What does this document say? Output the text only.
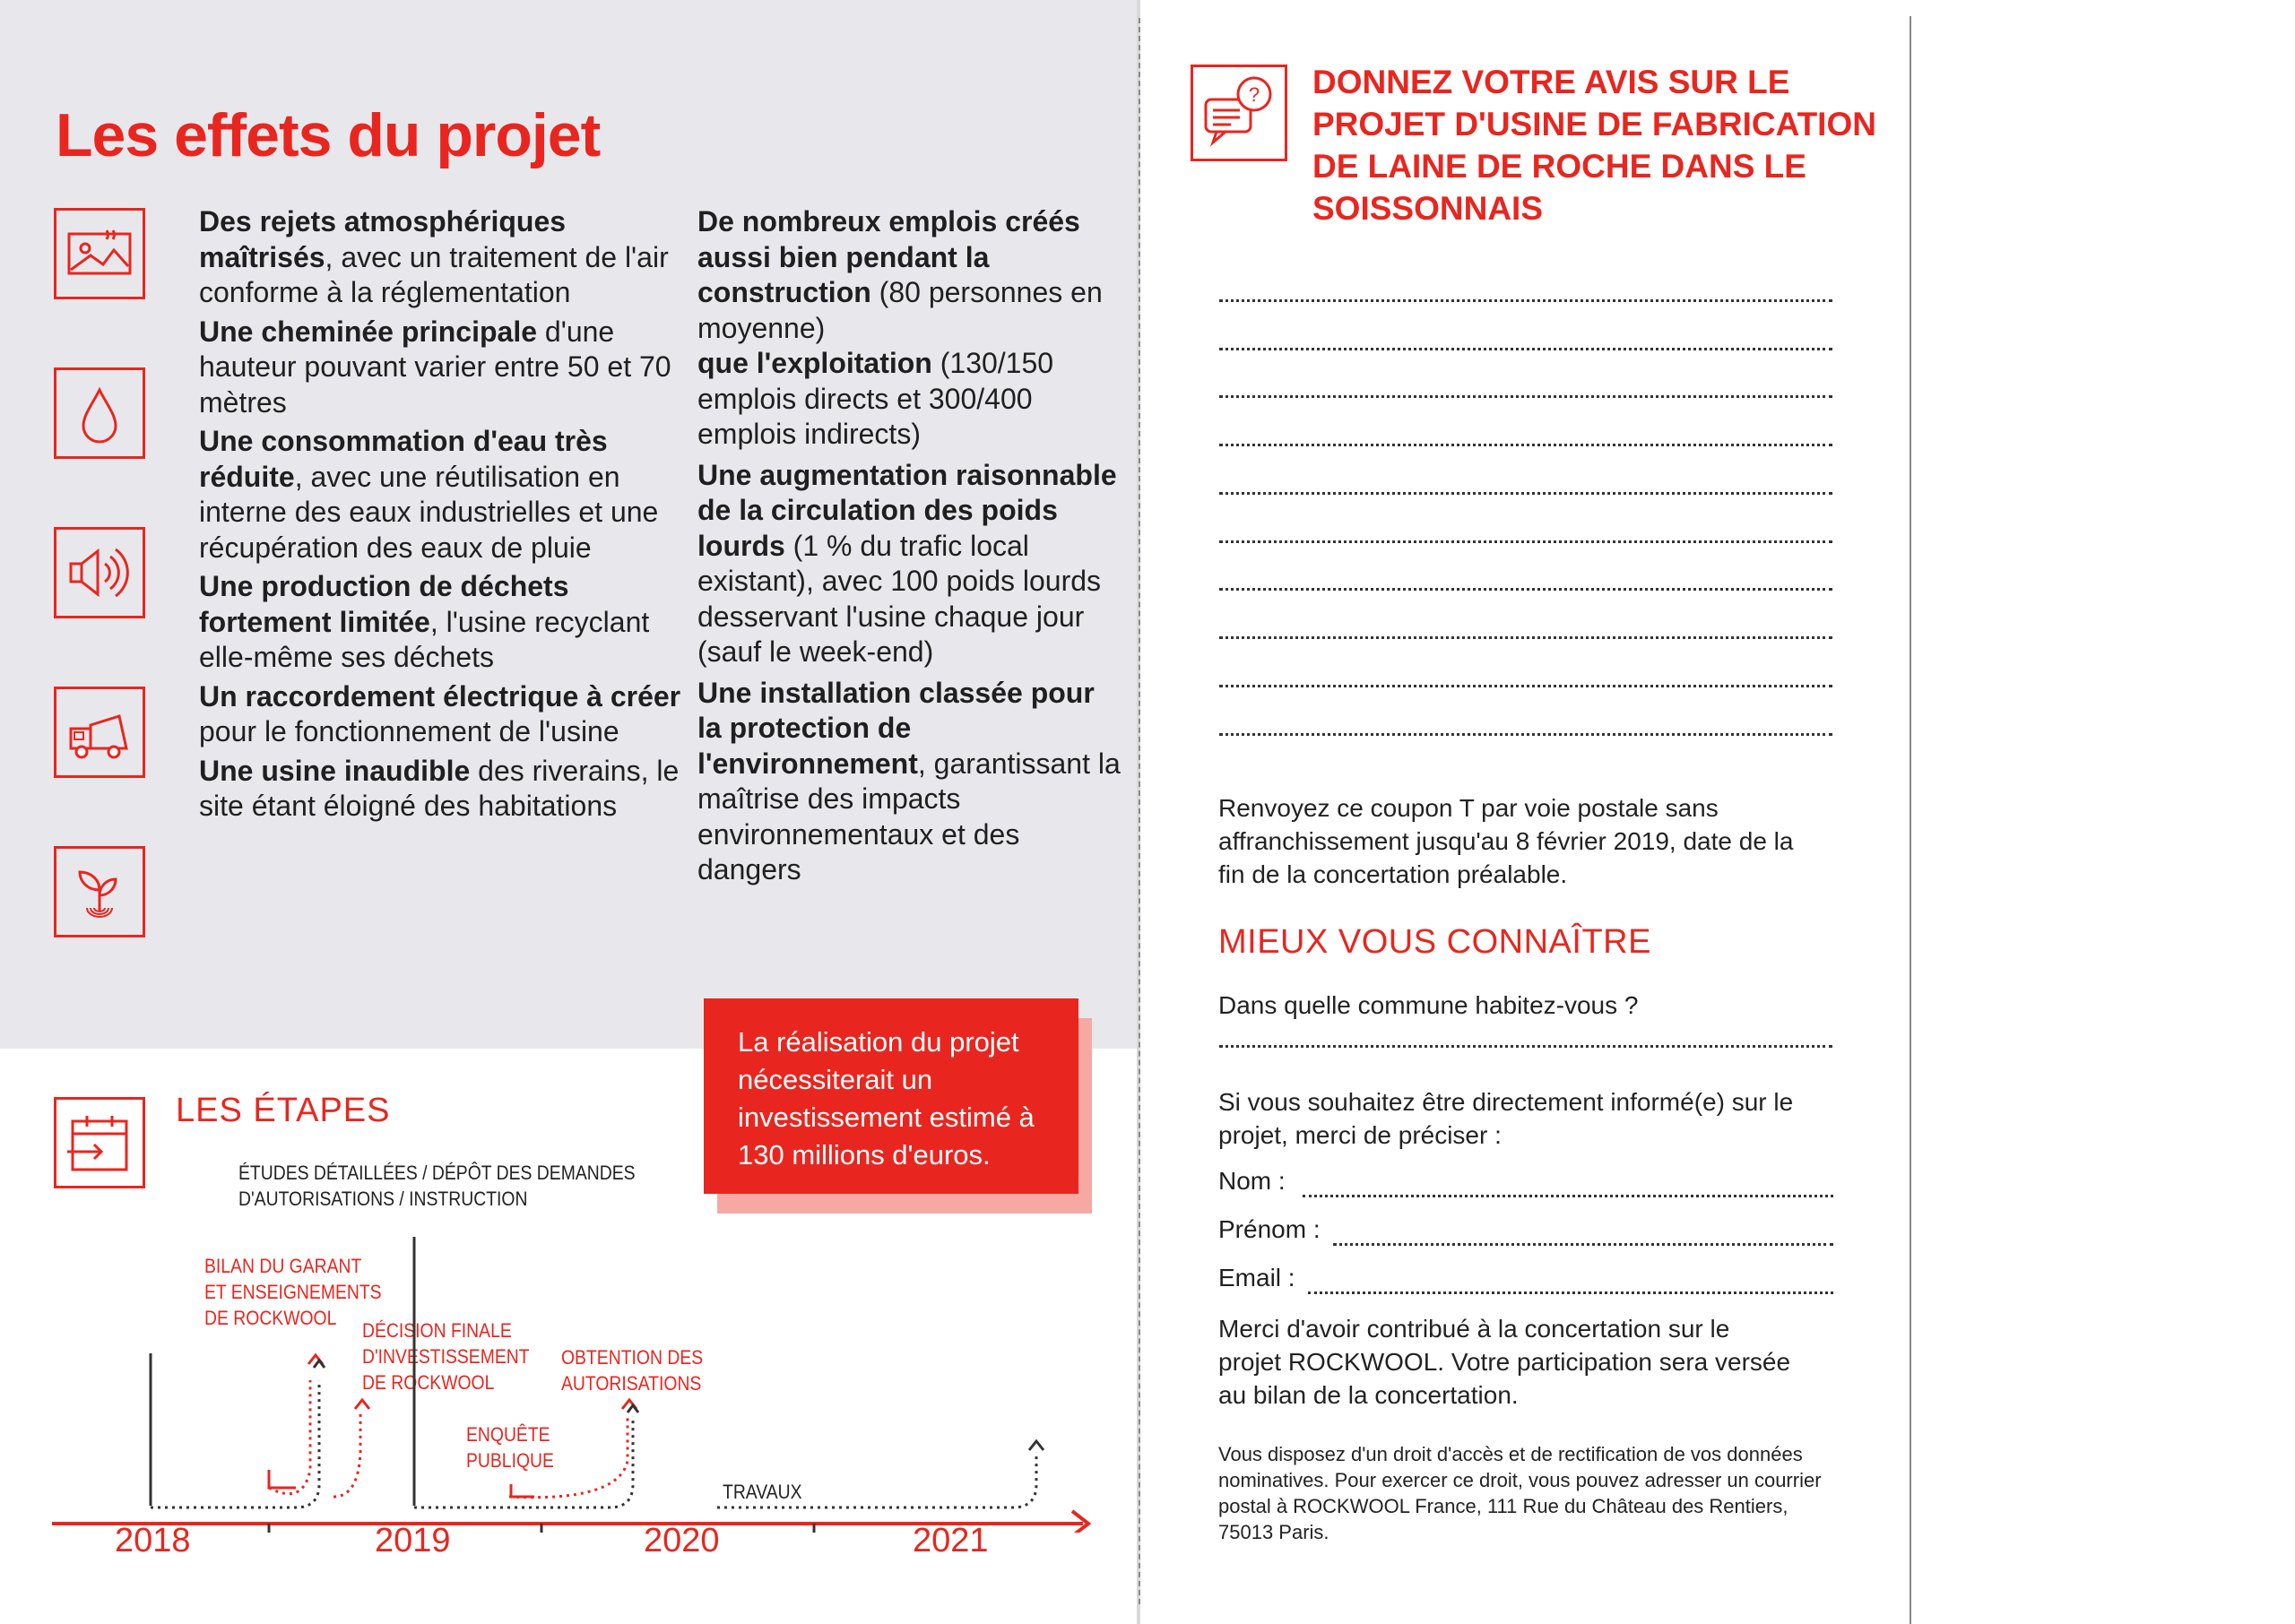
Les effets du projet

Des rejets atmosphériques maîtrisés, avec un traitement de l'air conforme à la réglementation

Une cheminée principale d'une hauteur pouvant varier entre 50 et 70 mètres

Une consommation d'eau très réduite, avec une réutilisation en interne des eaux industrielles et une récupération des eaux de pluie

Une production de déchets fortement limitée, l'usine recyclant elle-même ses déchets

Un raccordement électrique à créer pour le fonctionnement de l'usine

Une usine inaudible des riverains, le site étant éloigné des habitations

De nombreux emplois créés aussi bien pendant la construction (80 personnes en moyenne)

que l'exploitation (130/150 emplois directs et 300/400 emplois indirects)

Une augmentation raisonnable de la circulation des poids lourds (1 % du trafic local existant), avec 100 poids lourds desservant l'usine chaque jour (sauf le week-end)

Une installation classée pour la protection de l'environnement, garantissant la maîtrise des impacts environnementaux et des dangers

La réalisation du projet nécessiterait un investissement estimé à 130 millions d'euros.
LES ÉTAPES
ÉTUDES DÉTAILLÉES / DÉPÔT DES DEMANDES
D'AUTORISATIONS / INSTRUCTION
BILAN DU GARANT
ET ENSEIGNEMENTS
DE ROCKWOOL
DÉCISION FINALE
D'INVESTISSEMENT
DE ROCKWOOL
OBTENTION DES
AUTORISATIONS
ENQUÊTE
PUBLIQUE
TRAVAUX
2018	2019	2020	2021
? DONNEZ VOTRE AVIS SUR LE PROJET D'USINE DE FABRICATION DE LAINE DE ROCHE DANS LE SOISSONNAIS
Renvoyez ce coupon T par voie postale sans affranchissement jusqu'au 8 février 2019, date de la fin de la concertation préalable.
MIEUX VOUS CONNAÎTRE
Dans quelle commune habitez-vous ?
Si vous souhaitez être directement informé(e) sur le projet, merci de préciser :
Nom :
Prénom :
Email :
Merci d'avoir contribué à la concertation sur le projet ROCKWOOL. Votre participation sera versée au bilan de la concertation.
Vous disposez d'un droit d'accès et de rectification de vos données nominatives. Pour exercer ce droit, vous pouvez adresser un courrier postal à ROCKWOOL France, 111 Rue du Château des Rentiers, 75013 Paris.
